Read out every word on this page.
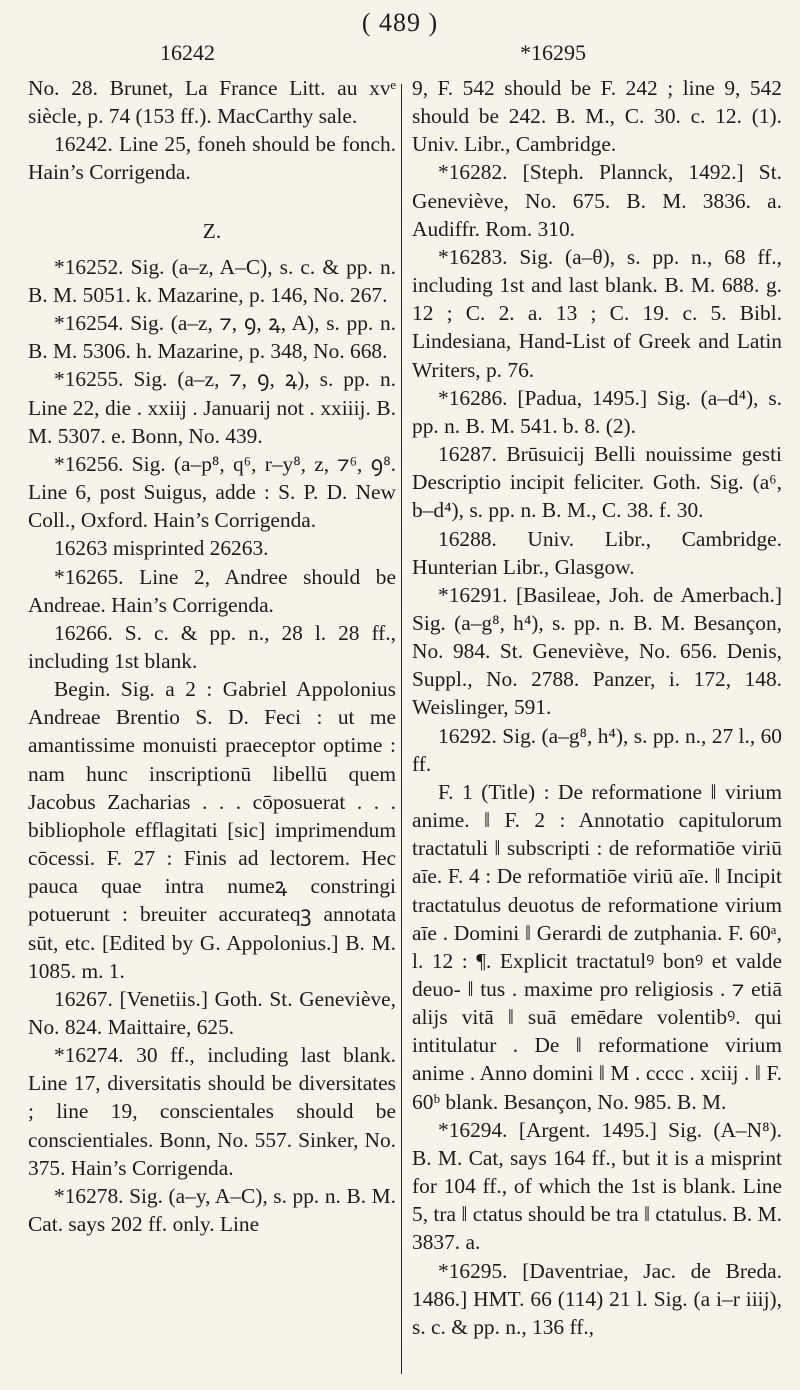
( 489 )
16242	*16295

No. 28. Brunet, La France Litt. au xvᵉ siècle, p. 74 (153 ff.). MacCarthy sale.

16242. Line 25, foneh should be fonch. Hain’s Corrigenda.

Z.

*16252. Sig. (a–z, A–C), s. c. & pp. n. B. M. 5051. k. Mazarine, p. 146, No. 267.

*16254. Sig. (a–z, ⁊, ꝯ, ꝝ, A), s. pp. n. B. M. 5306. h. Mazarine, p. 348, No. 668.

*16255. Sig. (a–z, ⁊, ꝯ, ꝝ), s. pp. n. Line 22, die . xxiij . Januarij not . xxiiij. B. M. 5307. e. Bonn, No. 439.

*16256. Sig. (a–p⁸, q⁶, r–y⁸, z, ⁊⁶, ꝯ⁸. Line 6, post Suigus, adde : S. P. D. New Coll., Oxford. Hain’s Corrigenda.

16263 misprinted 26263.

*16265. Line 2, Andree should be Andreae. Hain’s Corrigenda.

16266. S. c. & pp. n., 28 l. 28 ff., including 1st blank.

Begin. Sig. a 2 : Gabriel Appolonius Andreae Brentio S. D. Feci : ut me amantissime monuisti praeceptor optime : nam hunc inscriptionū libellū quem Jacobus Zacharias . . . cōposuerat . . . bibliophole efflagitati [sic] imprimendum cōcessi. F. 27 : Finis ad lectorem. Hec pauca quae intra numeꝝ constringi potuerunt : breuiter accurateqꝫ annotata sūt, etc. [Edited by G. Appolonius.] B. M. 1085. m. 1.

16267. [Venetiis.] Goth. St. Geneviève, No. 824. Maittaire, 625.

*16274. 30 ff., including last blank. Line 17, diversitatis should be diversitates ; line 19, conscientales should be conscientiales. Bonn, No. 557. Sinker, No. 375. Hain’s Corrigenda.

*16278. Sig. (a–y, A–C), s. pp. n. B. M. Cat. says 202 ff. only. Line

9, F. 542 should be F. 242 ; line 9, 542 should be 242. B. M., C. 30. c. 12. (1). Univ. Libr., Cambridge.

*16282. [Steph. Plannck, 1492.] St. Geneviève, No. 675. B. M. 3836. a. Audiffr. Rom. 310.

*16283. Sig. (a–θ), s. pp. n., 68 ff., including 1st and last blank. B. M. 688. g. 12 ; C. 2. a. 13 ; C. 19. c. 5. Bibl. Lindesiana, Hand-List of Greek and Latin Writers, p. 76.

*16286. [Padua, 1495.] Sig. (a–d⁴), s. pp. n. B. M. 541. b. 8. (2).

16287. Brūsuicij Belli nouissime gesti Descriptio incipit feliciter. Goth. Sig. (a⁶, b–d⁴), s. pp. n. B. M., C. 38. f. 30.

16288. Univ. Libr., Cambridge. Hunterian Libr., Glasgow.

*16291. [Basileae, Joh. de Amerbach.] Sig. (a–g⁸, h⁴), s. pp. n. B. M. Besançon, No. 984. St. Geneviève, No. 656. Denis, Suppl., No. 2788. Panzer, i. 172, 148. Weislinger, 591.

16292. Sig. (a–g⁸, h⁴), s. pp. n., 27 l., 60 ff.

F. 1 (Title) : De reformatione ‖ virium anime. ‖ F. 2 : Annotatio capitulorum tractatuli ‖ subscripti : de reformatiōe viriū aīe. F. 4 : De reformatiōe viriū aīe. ‖ Incipit tractatulus deuotus de reformatione virium aīe . Domini ‖ Gerardi de zutphania. F. 60ᵃ, l. 12 : ¶. Explicit tractatulꝰ bonꝰ et valde deuo- ‖ tus . maxime pro religiosis . ⁊ etiā alijs vitā ‖ suā emēdare volentibꝰ. qui intitulatur . De ‖ reformatione virium anime . Anno domini ‖ M . cccc . xciij . ‖ F. 60ᵇ blank. Besançon, No. 985. B. M.

*16294. [Argent. 1495.] Sig. (A–N⁸). B. M. Cat, says 164 ff., but it is a misprint for 104 ff., of which the 1st is blank. Line 5, tra ‖ ctatus should be tra ‖ ctatulus. B. M. 3837. a.

*16295. [Daventriae, Jac. de Breda. 1486.] HMT. 66 (114) 21 l. Sig. (a i–r iiij), s. c. & pp. n., 136 ff.,
